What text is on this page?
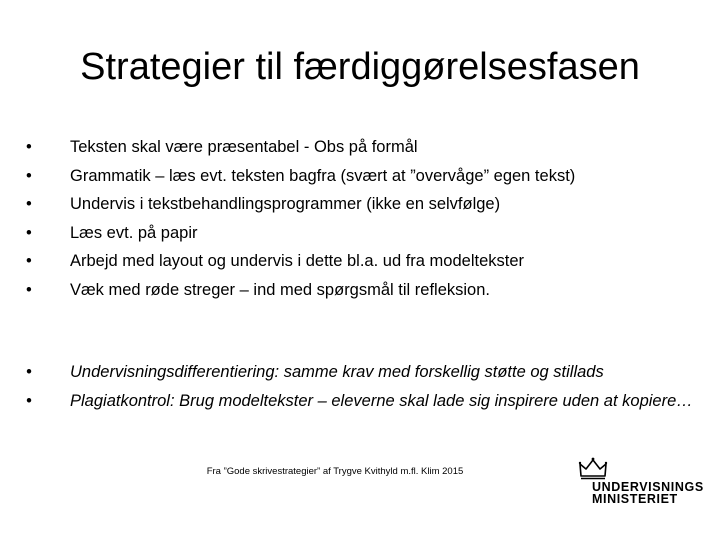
Strategier til færdiggørelsesfasen
•	Teksten skal være præsentabel - Obs på formål
•	Grammatik – læs evt. teksten bagfra (svært at ”overvåge” egen tekst)
•	Undervis i tekstbehandlingsprogrammer (ikke en selvfølge)
•	Læs evt. på papir
•	Arbejd med layout og undervis i dette bl.a. ud fra modeltekster
•	Væk med røde streger – ind med spørgsmål til refleksion.
•	Undervisningsdifferentiering: samme krav med forskellig støtte og stillads
•	Plagiatkontrol: Brug modeltekster – eleverne skal lade sig inspirere uden at kopiere…
Fra ”Gode skrivestrategier” af Trygve Kvithyld m.fl. Klim 2015
UNDERVISNINGS
MINISTERIET
